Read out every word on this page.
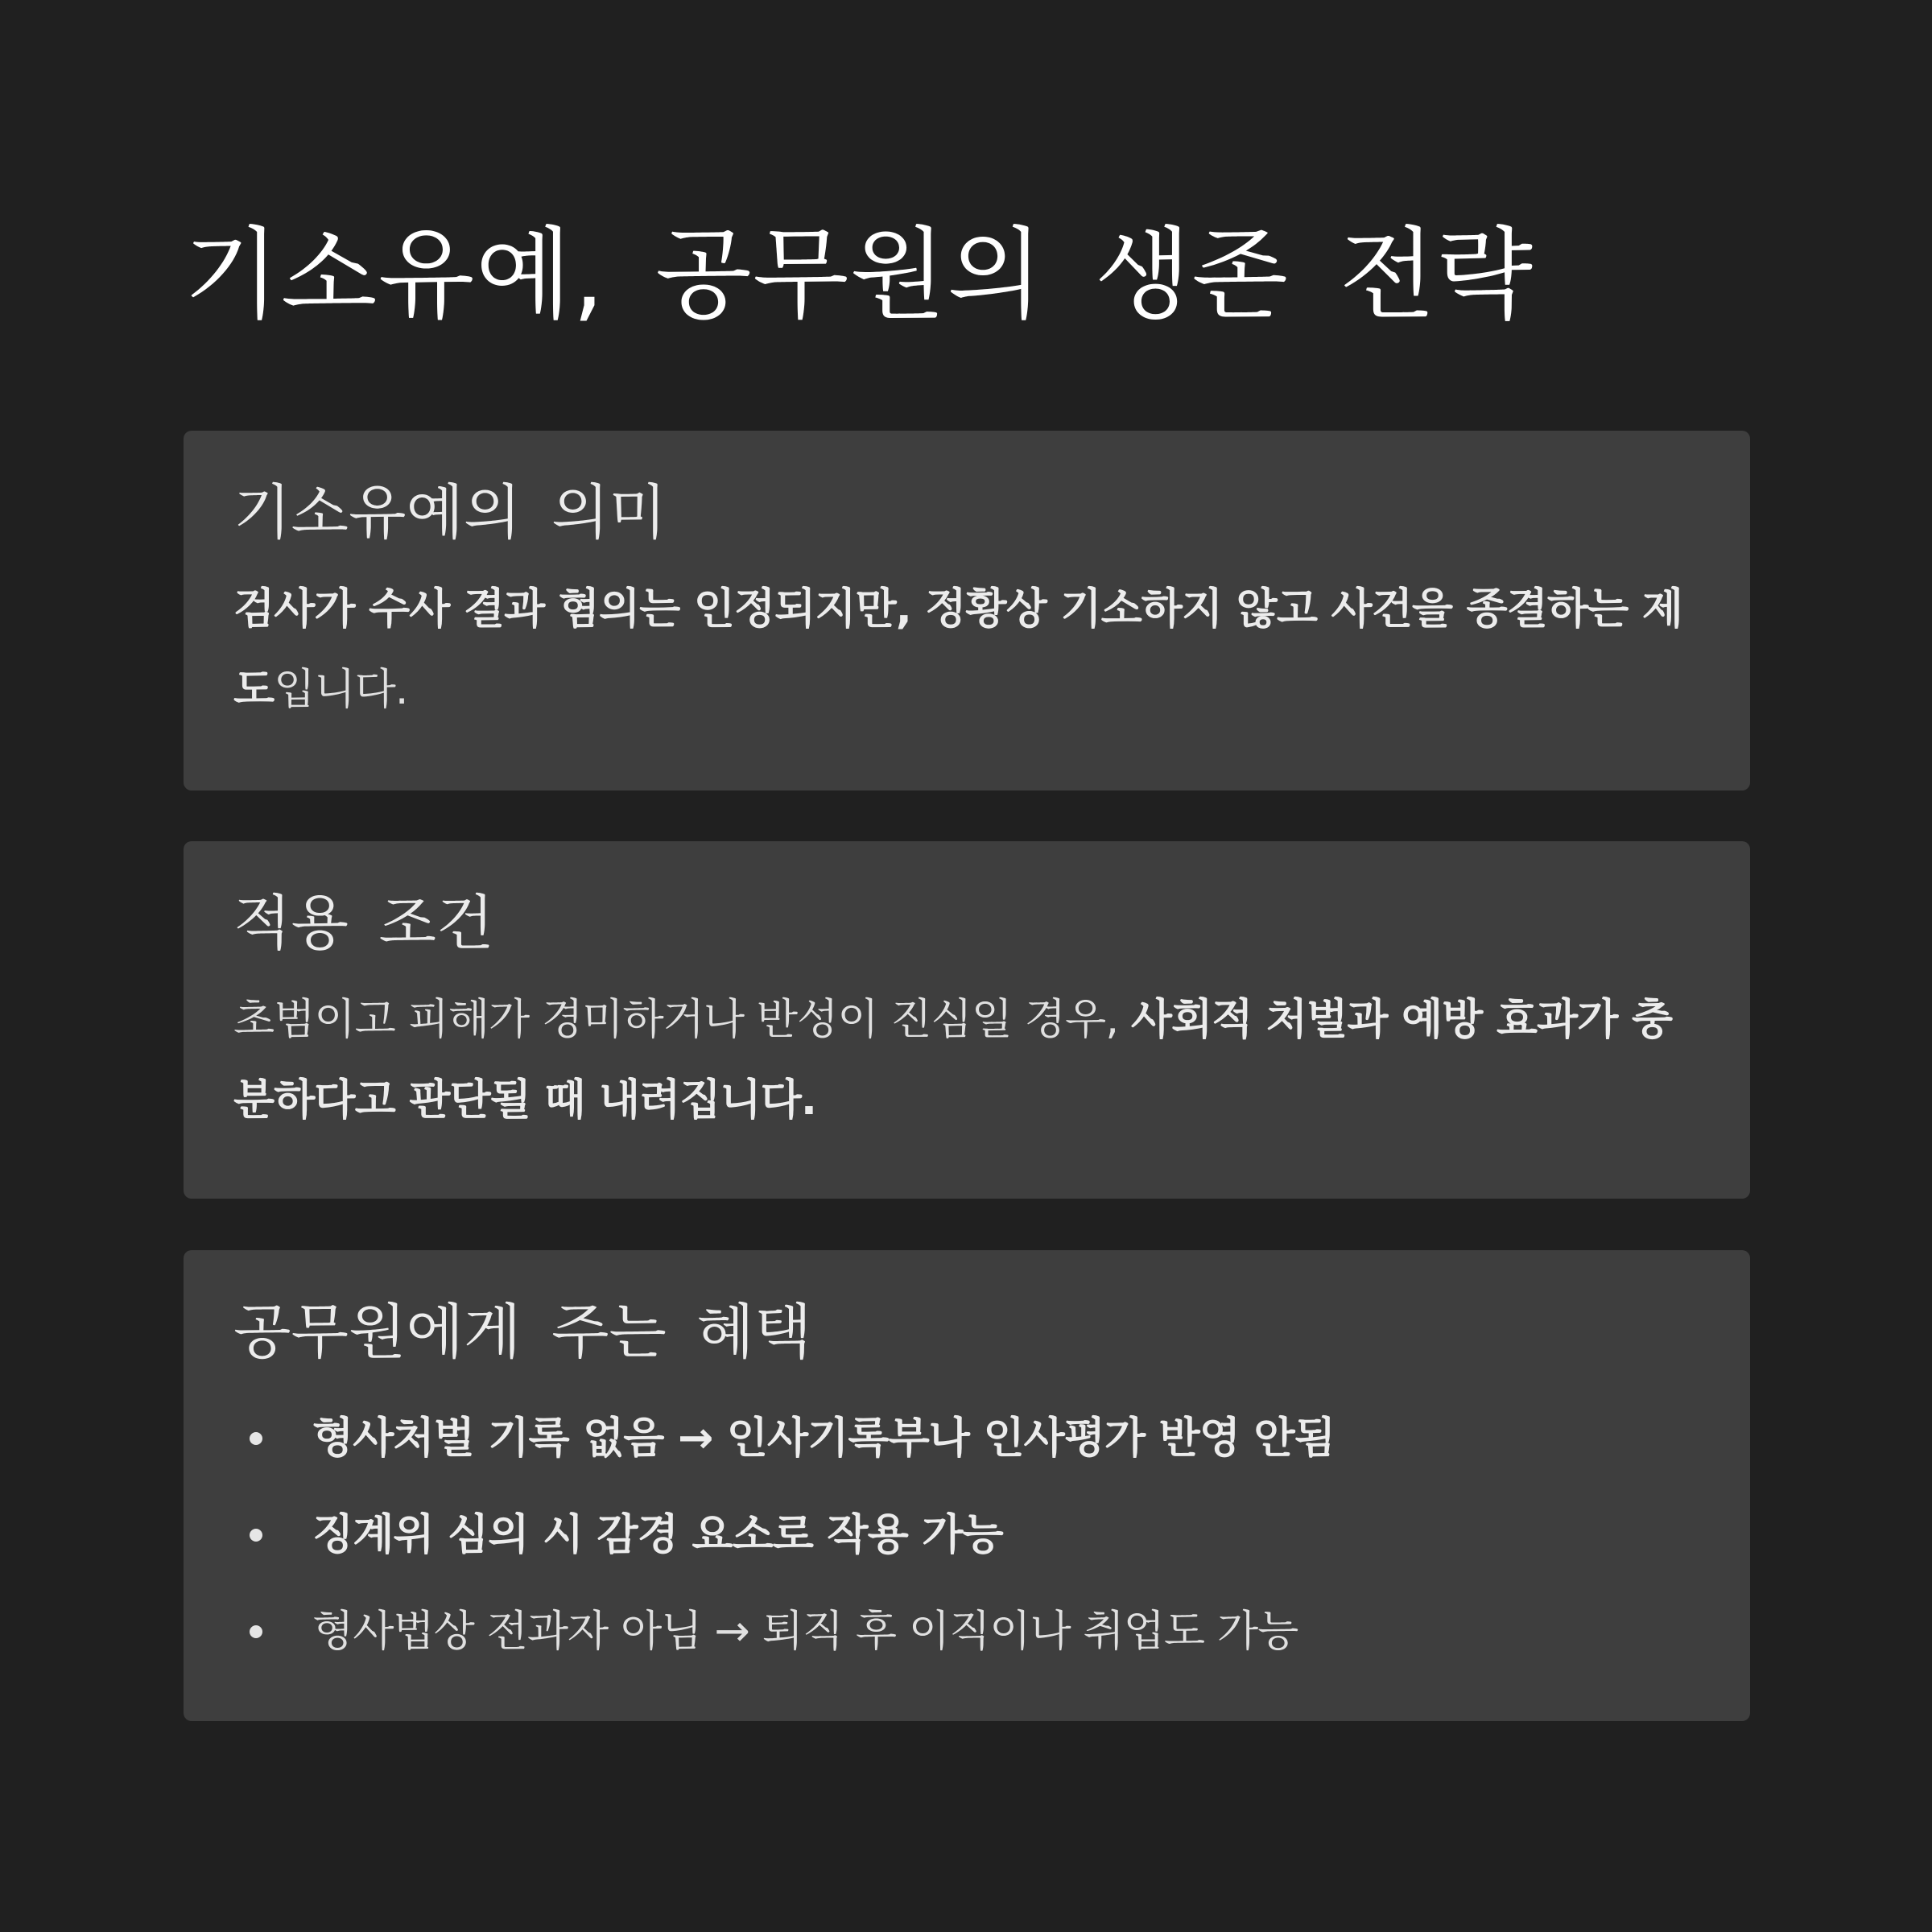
기소유예, 공무원의 생존 전략
기소유예의 의미

검사가 수사 결과 혐의는 인정되지만, 정황상 기소하지 않고 사건을 종결하는 제도입니다.

적용 조건

초범이고 피해가 경미하거나 반성이 진심일 경우, 사회적 처벌과 예방 효과가 충분하다고 판단될 때 내려집니다.

공무원에게 주는 혜택
형사처벌 기록 없음 → 인사기록부나 인사평가 반영 안됨
징계위 심의 시 감경 요소로 작용 가능
형사법상 전과자 아님 → 퇴직 후 이직이나 취업도 가능
